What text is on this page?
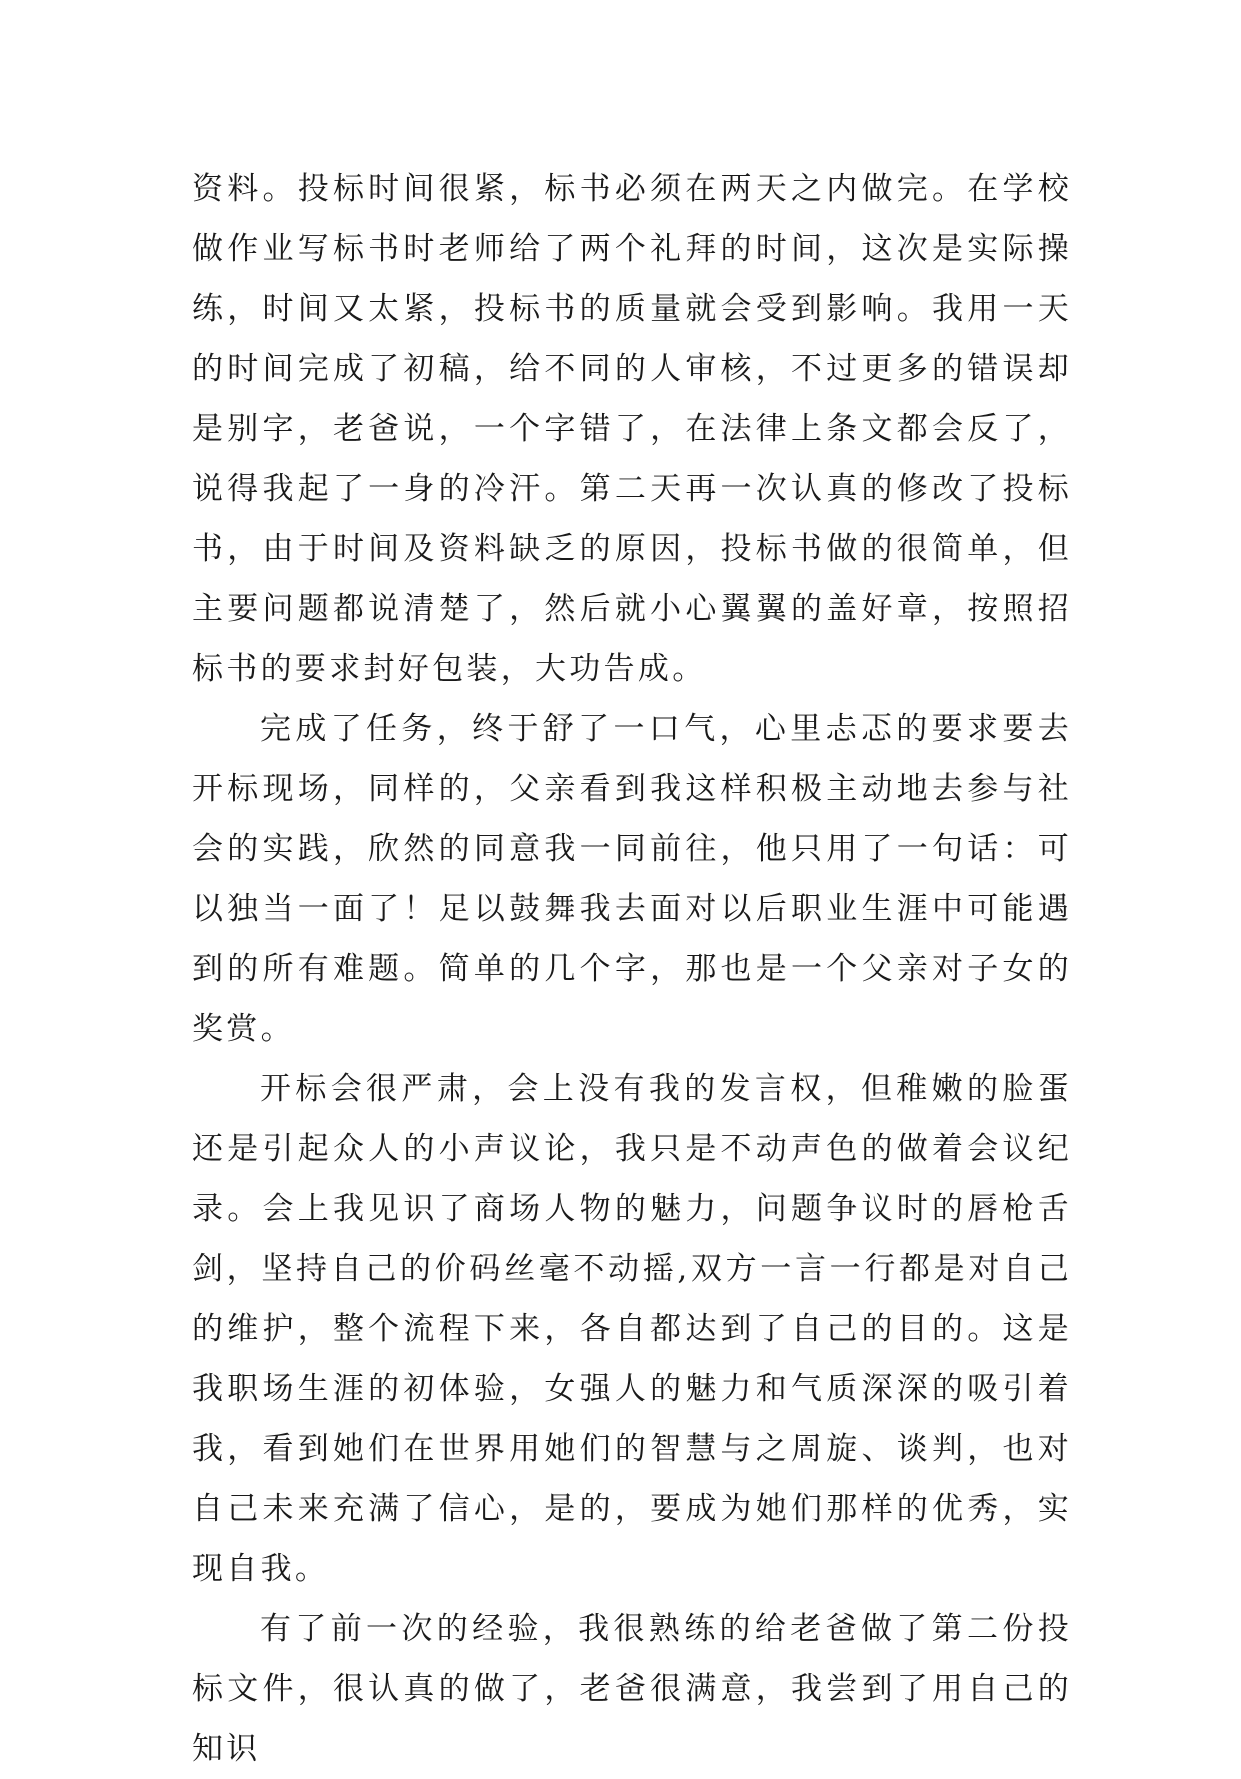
资料。投标时间很紧，标书必须在两天之内做完。在学校做作业写标书时老师给了两个礼拜的时间，这次是实际操练，时间又太紧，投标书的质量就会受到影响。我用一天的时间完成了初稿，给不同的人审核，不过更多的错误却是别字，老爸说，一个字错了，在法律上条文都会反了，说得我起了一身的冷汗。第二天再一次认真的修改了投标书，由于时间及资料缺乏的原因，投标书做的很简单，但主要问题都说清楚了，然后就小心翼翼的盖好章，按照招标书的要求封好包装，大功告成。

完成了任务，终于舒了一口气，心里忐忑的要求要去开标现场，同样的，父亲看到我这样积极主动地去参与社会的实践，欣然的同意我一同前往，他只用了一句话：可以独当一面了！足以鼓舞我去面对以后职业生涯中可能遇到的所有难题。简单的几个字，那也是一个父亲对子女的奖赏。

开标会很严肃，会上没有我的发言权，但稚嫩的脸蛋还是引起众人的小声议论，我只是不动声色的做着会议纪录。会上我见识了商场人物的魅力，问题争议时的唇枪舌剑，坚持自己的价码丝毫不动摇,双方一言一行都是对自己的维护，整个流程下来，各自都达到了自己的目的。这是我职场生涯的初体验，女强人的魅力和气质深深的吸引着我，看到她们在世界用她们的智慧与之周旋、谈判，也对自己未来充满了信心，是的，要成为她们那样的优秀，实现自我。

有了前一次的经验，我很熟练的给老爸做了第二份投标文件，很认真的做了，老爸很满意，我尝到了用自己的知识
